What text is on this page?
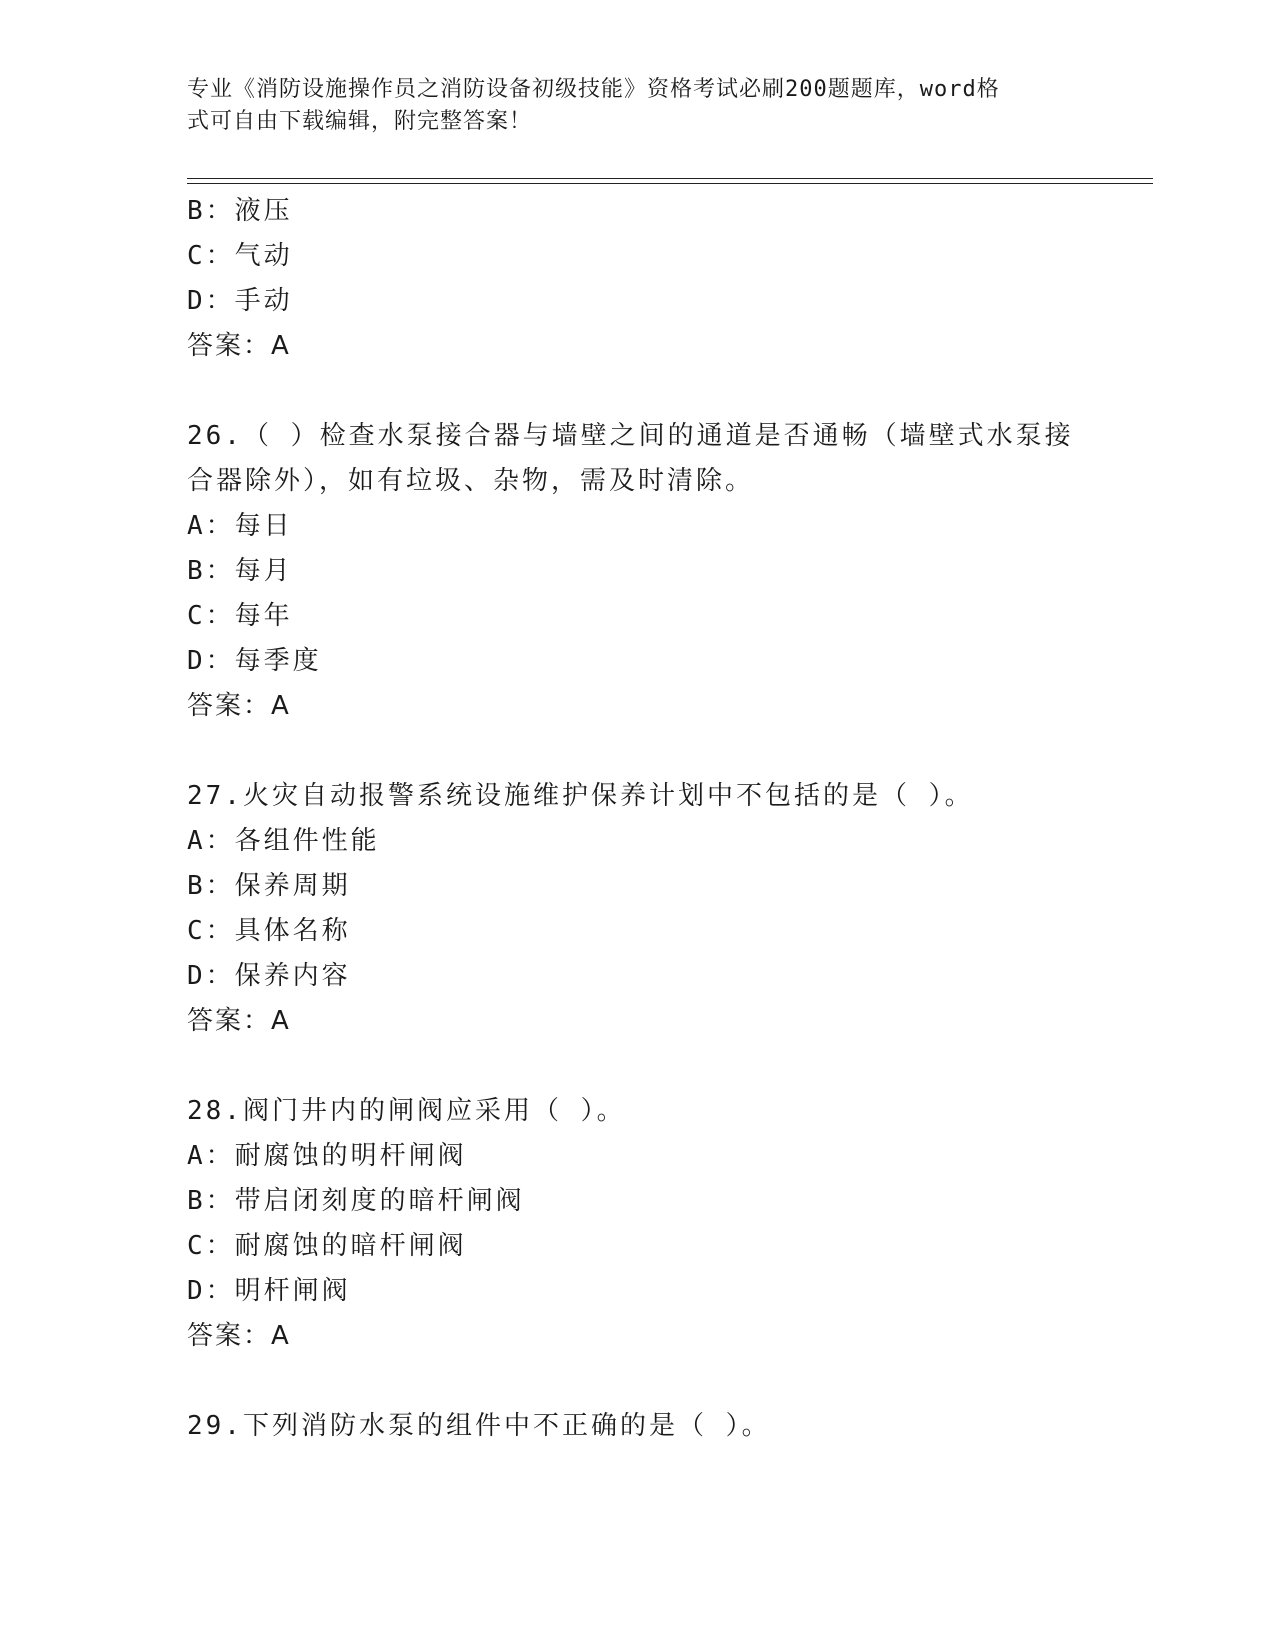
专业《消防设施操作员之消防设备初级技能》资格考试必刷200题题库，word格
式可自由下载编辑，附完整答案！
B：液压
C：气动
D：手动
答案：A
26.（ ）检查水泵接合器与墙壁之间的通道是否通畅（墙壁式水泵接
合器除外），如有垃圾、杂物，需及时清除。
A：每日
B：每月
C：每年
D：每季度
答案：A
27.火灾自动报警系统设施维护保养计划中不包括的是（ ）。
A：各组件性能
B：保养周期
C：具体名称
D：保养内容
答案：A
28.阀门井内的闸阀应采用（ ）。
A：耐腐蚀的明杆闸阀
B：带启闭刻度的暗杆闸阀
C：耐腐蚀的暗杆闸阀
D：明杆闸阀
答案：A
29.下列消防水泵的组件中不正确的是（ ）。
